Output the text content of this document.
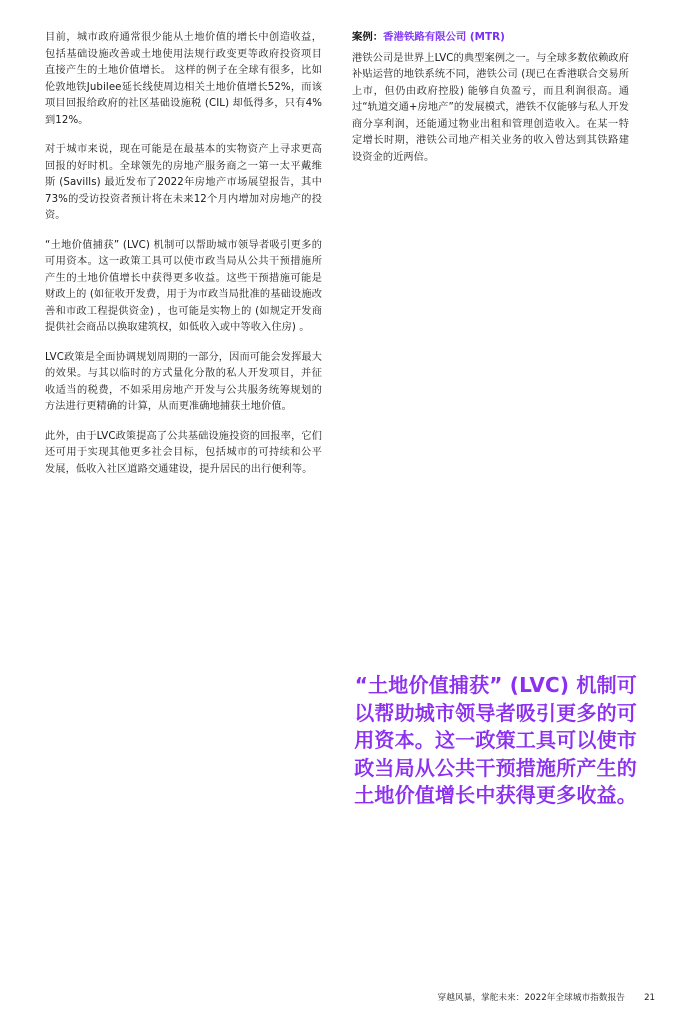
目前，城市政府通常很少能从土地价值的增长中创造收益，包括基础设施改善或土地使用法规行政变更等政府投资项目直接产生的土地价值增长。 这样的例子在全球有很多，比如伦敦地铁Jubilee延长线使周边相关土地价值增长52%，而该项目回报给政府的社区基础设施税 (CIL) 却低得多，只有4%到12%。

对于城市来说，现在可能是在最基本的实物资产上寻求更高回报的好时机。全球领先的房地产服务商之一第一太平戴维斯 (Savills) 最近发布了2022年房地产市场展望报告，其中73%的受访投资者预计将在未来12个月内增加对房地产的投资。

“土地价值捕获” (LVC) 机制可以帮助城市领导者吸引更多的可用资本。这一政策工具可以使市政当局从公共干预措施所产生的土地价值增长中获得更多收益。这些干预措施可能是财政上的 (如征收开发费，用于为市政当局批准的基础设施改善和市政工程提供资金) ，也可能是实物上的 (如规定开发商提供社会商品以换取建筑权，如低收入或中等收入住房) 。

LVC政策是全面协调规划周期的一部分，因而可能会发挥最大的效果。与其以临时的方式量化分散的私人开发项目，并征收适当的税费，不如采用房地产开发与公共服务统筹规划的方法进行更精确的计算，从而更准确地捕获土地价值。

此外，由于LVC政策提高了公共基础设施投资的回报率，它们还可用于实现其他更多社会目标，包括城市的可持续和公平发展，低收入社区道路交通建设，提升居民的出行便利等。

案例：香港铁路有限公司 (MTR)

港铁公司是世界上LVC的典型案例之一。与全球多数依赖政府补贴运营的地铁系统不同，港铁公司 (现已在香港联合交易所上市，但仍由政府控股) 能够自负盈亏，而且利润很高。通过“轨道交通+房地产”的发展模式，港铁不仅能够与私人开发商分享利润，还能通过物业出租和管理创造收入。在某一特定增长时期，港铁公司地产相关业务的收入曾达到其铁路建设资金的近两倍。

“土地价值捕获” (LVC) 机制可以帮助城市领导者吸引更多的可用资本。这一政策工具可以使市政当局从公共干预措施所产生的土地价值增长中获得更多收益。
穿越风暴，掌舵未来：2022年全球城市指数报告 21
